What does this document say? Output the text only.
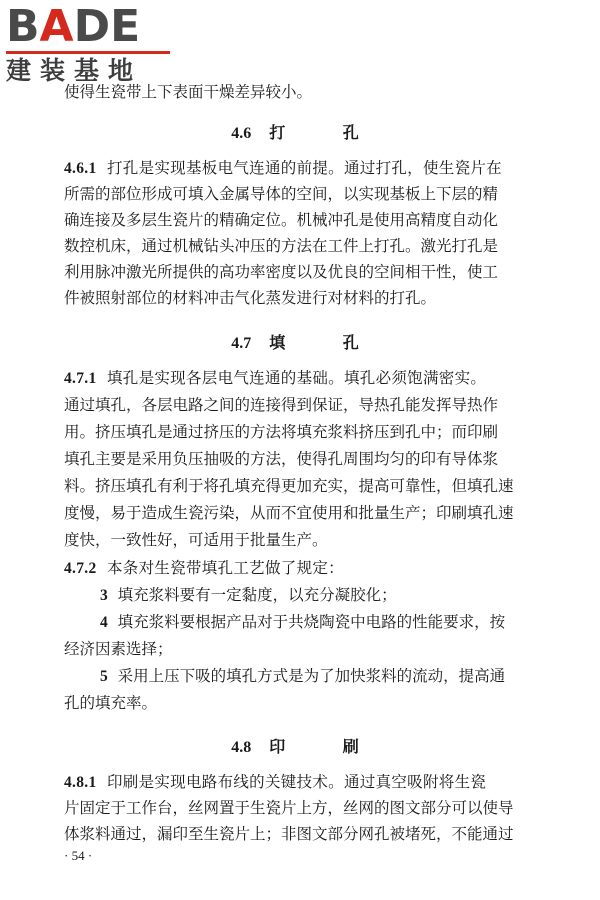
BADE
建装基地
使得生瓷带上下表面干燥差异较小。
4.6 打 孔
4.6.1 打孔是实现基板电气连通的前提。通过打孔，使生瓷片在
所需的部位形成可填入金属导体的空间，以实现基板上下层的精
确连接及多层生瓷片的精确定位。机械冲孔是使用高精度自动化
数控机床，通过机械钻头冲压的方法在工件上打孔。激光打孔是
利用脉冲激光所提供的高功率密度以及优良的空间相干性，使工
件被照射部位的材料冲击气化蒸发进行对材料的打孔。
4.7 填 孔
4.7.1 填孔是实现各层电气连通的基础。填孔必须饱满密实。
通过填孔，各层电路之间的连接得到保证，导热孔能发挥导热作
用。挤压填孔是通过挤压的方法将填充浆料挤压到孔中；而印刷
填孔主要是采用负压抽吸的方法，使得孔周围均匀的印有导体浆
料。挤压填孔有利于将孔填充得更加充实，提高可靠性，但填孔速
度慢，易于造成生瓷污染，从而不宜使用和批量生产；印刷填孔速
度快，一致性好，可适用于批量生产。
4.7.2 本条对生瓷带填孔工艺做了规定：
3 填充浆料要有一定黏度，以充分凝胶化；
4 填充浆料要根据产品对于共烧陶瓷中电路的性能要求，按
经济因素选择；
5 采用上压下吸的填孔方式是为了加快浆料的流动，提高通
孔的填充率。
4.8 印 刷
4.8.1 印刷是实现电路布线的关键技术。通过真空吸附将生瓷
片固定于工作台，丝网置于生瓷片上方，丝网的图文部分可以使导
体浆料通过，漏印至生瓷片上；非图文部分网孔被堵死，不能通过
· 54 ·
